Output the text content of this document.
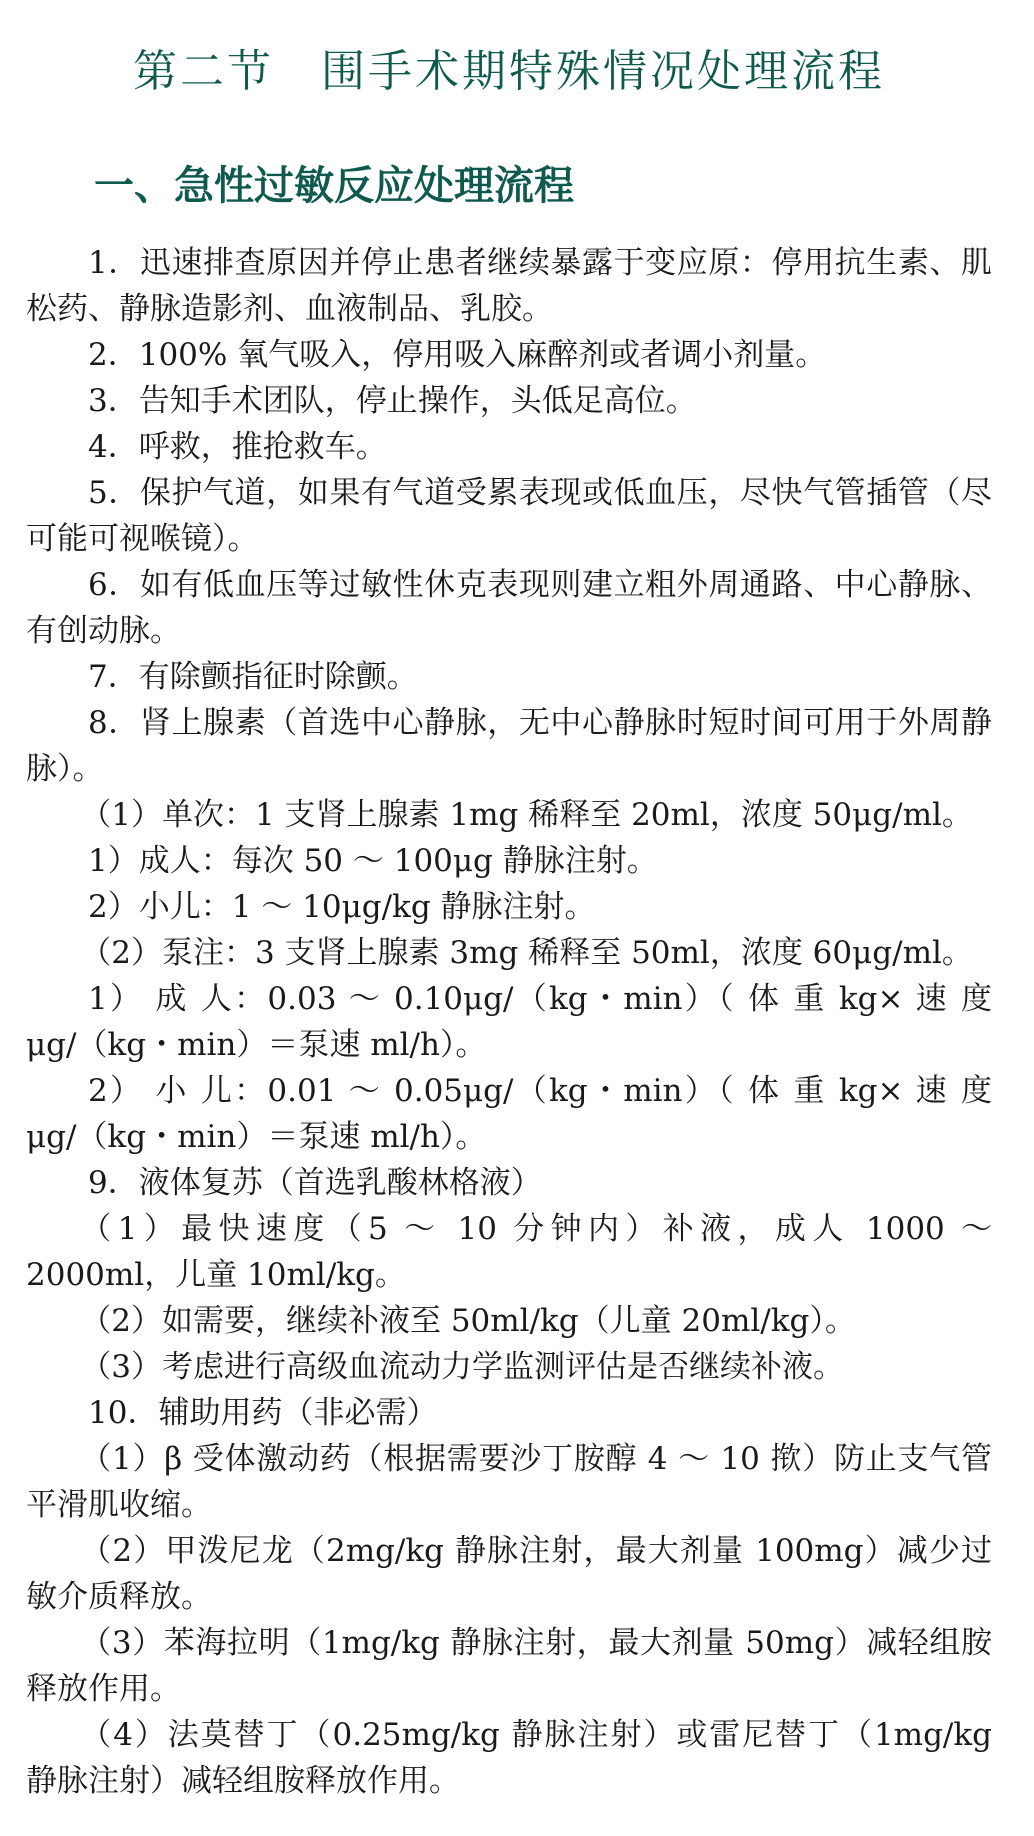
第二节　围手术期特殊情况处理流程
一、急性过敏反应处理流程

1．迅速排查原因并停止患者继续暴露于变应原：停用抗生素、肌松药、静脉造影剂、血液制品、乳胶。

2．100% 氧气吸入，停用吸入麻醉剂或者调小剂量。

3．告知手术团队，停止操作，头低足高位。

4．呼救，推抢救车。

5．保护气道，如果有气道受累表现或低血压，尽快气管插管（尽可能可视喉镜）。

6．如有低血压等过敏性休克表现则建立粗外周通路、中心静脉、有创动脉。

7．有除颤指征时除颤。

8．肾上腺素（首选中心静脉，无中心静脉时短时间可用于外周静脉）。

（1）单次：1 支肾上腺素 1mg 稀释至 20ml，浓度 50μg/ml。

1）成人：每次 50 ～ 100μg 静脉注射。

2）小儿：1 ～ 10μg/kg 静脉注射。

（2）泵注：3 支肾上腺素 3mg 稀释至 50ml，浓度 60μg/ml。

1） 成 人：0.03 ～ 0.10μg/（kg・min）（ 体 重 kg× 速 度 μg/（kg・min）＝泵速 ml/h）。

2） 小 儿：0.01 ～ 0.05μg/（kg・min）（ 体 重 kg× 速 度 μg/（kg・min）＝泵速 ml/h）。

9．液体复苏（首选乳酸林格液）

（1）最快速度（5 ～ 10 分钟内）补液，成人 1000 ～ 2000ml，儿童 10ml/kg。

（2）如需要，继续补液至 50ml/kg（儿童 20ml/kg）。

（3）考虑进行高级血流动力学监测评估是否继续补液。

10．辅助用药（非必需）

（1）β 受体激动药（根据需要沙丁胺醇 4 ～ 10 揿）防止支气管平滑肌收缩。

（2）甲泼尼龙（2mg/kg 静脉注射，最大剂量 100mg）减少过敏介质释放。

（3）苯海拉明（1mg/kg 静脉注射，最大剂量 50mg）减轻组胺释放作用。

（4）法莫替丁（0.25mg/kg 静脉注射）或雷尼替丁（1mg/kg 静脉注射）减轻组胺释放作用。
